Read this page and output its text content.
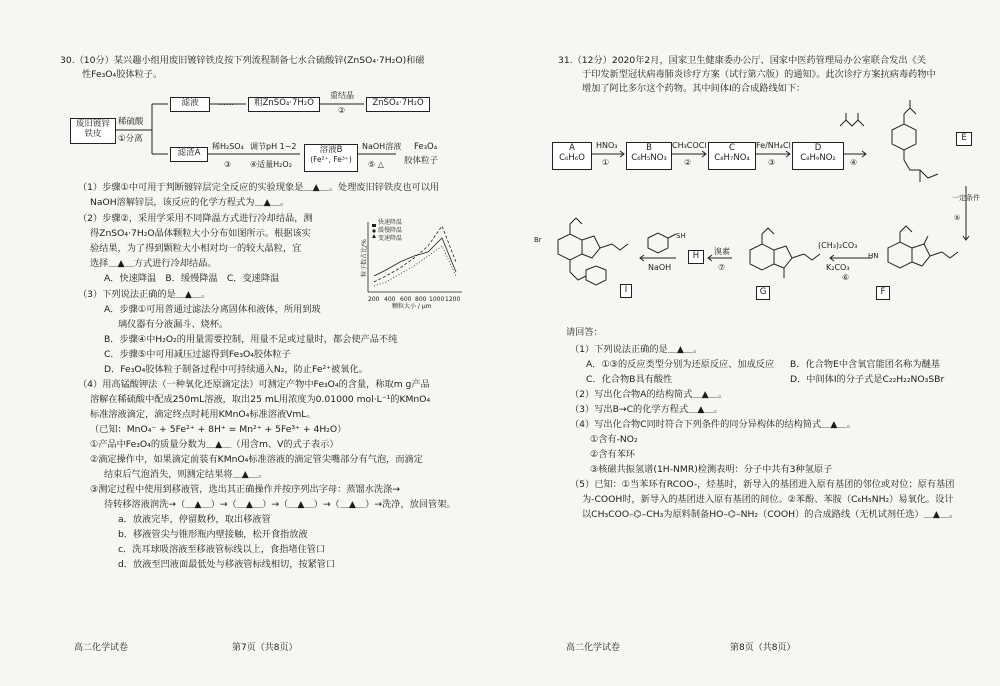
30.（10分）某兴趣小组用废旧镀锌铁皮按下列流程制备七水合硫酸锌(ZnSO₄·7H₂O)和磁
性Fe₃O₄胶体粒子。
废旧镀锌铁皮
稀硫酸
①分离
滤液	……	粗ZnSO₄·7H₂O
重结晶
②
ZnSO₄·7H₂O
滤渣A
稀H₂SO₄
③
调节pH 1~2
④适量H₂O₂
溶液B
(Fe²⁺, Fe³⁺)
NaOH溶液
⑤ △
Fe₃O₄
胶体粒子
（1）步骤①中可用于判断镀锌层完全反应的实验现象是＿▲＿。处理废旧锌铁皮也可以用
NaOH溶解锌层，该反应的化学方程式为＿▲＿。
（2）步骤②，采用学采用不同降温方式进行冷却结晶，测
得ZnSO₄·7H₂O晶体颗粒大小分布如图所示。根据该实
验结果，为了得到颗粒大小相对均一的较大晶粒，宜
选择＿▲＿方式进行冷却结晶。
A．快速降温　B．缓慢降温　C．变速降温
快速降温
缓慢降温
变速降温
粒子数占比/%
200 400 600 800 1000 1200
颗粒大小 / μm
（3）下列说法正确的是＿▲＿。
A．步骤①可用普通过滤法分离固体和液体，所用到玻
璃仪器有分液漏斗、烧杯。
B．步骤④中H₂O₂的用量需要控制，用量不足或过量时，都会使产品不纯
C．步骤⑤中可用减压过滤得到Fe₃O₄胶体粒子
D．Fe₃O₄胶体粒子制备过程中可持续通入N₂，防止Fe²⁺被氧化。
（4）用高锰酸钾法（一种氧化还原滴定法）可测定产物中Fe₃O₄的含量，称取m g产品
溶解在稀硫酸中配成250mL溶液，取出25 mL用浓度为0.01000 mol·L⁻¹的KMnO₄
标准溶液滴定，滴定终点时耗用KMnO₄标准溶液VmL。
（已知：MnO₄⁻ + 5Fe²⁺ + 8H⁺ = Mn²⁺ + 5Fe³⁺ + 4H₂O）
①产品中Fe₃O₄的质量分数为＿▲＿（用含m、V的式子表示）
②滴定操作中，如果滴定前装有KMnO₄标准溶液的滴定管尖嘴部分有气泡，而滴定
结束后气泡消失，则测定结果将＿▲＿。
③测定过程中使用到移液管，选出其正确操作并按序列出字母：蒸馏水洗涤→
待转移溶液润洗→（＿▲＿）→（＿▲＿）→（＿▲＿）→（＿▲＿）→洗净，放回管架。
a．放液完毕，停留数秒，取出移液管
b．移液管尖与锥形瓶内壁接触，松开食指放液
c．洗耳球吸溶液至移液管标线以上，食指堵住管口
d．放液至凹液面最低处与移液管标线相切，按紧管口
高二化学试卷	第7页（共8页）
31.（12分）2020年2月，国家卫生健康委办公厅、国家中医药管理局办公室联合发出《关
于印发新型冠状病毒肺炎诊疗方案（试行第六版）的通知》。此次诊疗方案抗病毒药物中
增加了阿比多尔这个药物。其中间体I的合成路线如下：
A
C₆H₆O
HNO₃
①
B
C₆H₅NO₃
CH₃COCl
②
C
C₈H₇NO₄
Fe/NH₄Cl
③
D
C₈H₉NO₂	④
E
一定条件
⑤
HN
F
(CH₃)₂CO₃
K₂CO₃
⑥
G
溴素
⑦
H
SH
NaOH
Br
I
请回答：
（1）下列说法正确的是＿▲＿。
A．①③的反应类型分别为还原反应、加成反应 B．化合物E中含氧官能团名称为醚基
C．化合物B具有酸性	D．中间体I的分子式是C₂₂H₂₂NO₃SBr
（2）写出化合物A的结构简式＿▲＿。
（3）写出B→C的化学方程式＿▲＿。
（4）写出化合物C同时符合下列条件的同分异构体的结构简式＿▲＿。
①含有-NO₂
②含有苯环
③核磁共振氢谱(1H-NMR)检测表明：分子中共有3种氢原子
（5）已知：①当苯环有RCOO-，烃基时，新导入的基团进入原有基团的邻位或对位；原有基团
为-COOH时，新导入的基团进入原有基团的间位。②苯酚、苯胺（C₆H₅NH₂）易氧化。设计
以CH₃COO–⌬–CH₃为原料制备HO–⌬–NH₂（COOH）的合成路线（无机试剂任选）＿▲＿。
高二化学试卷	第8页（共8页）
